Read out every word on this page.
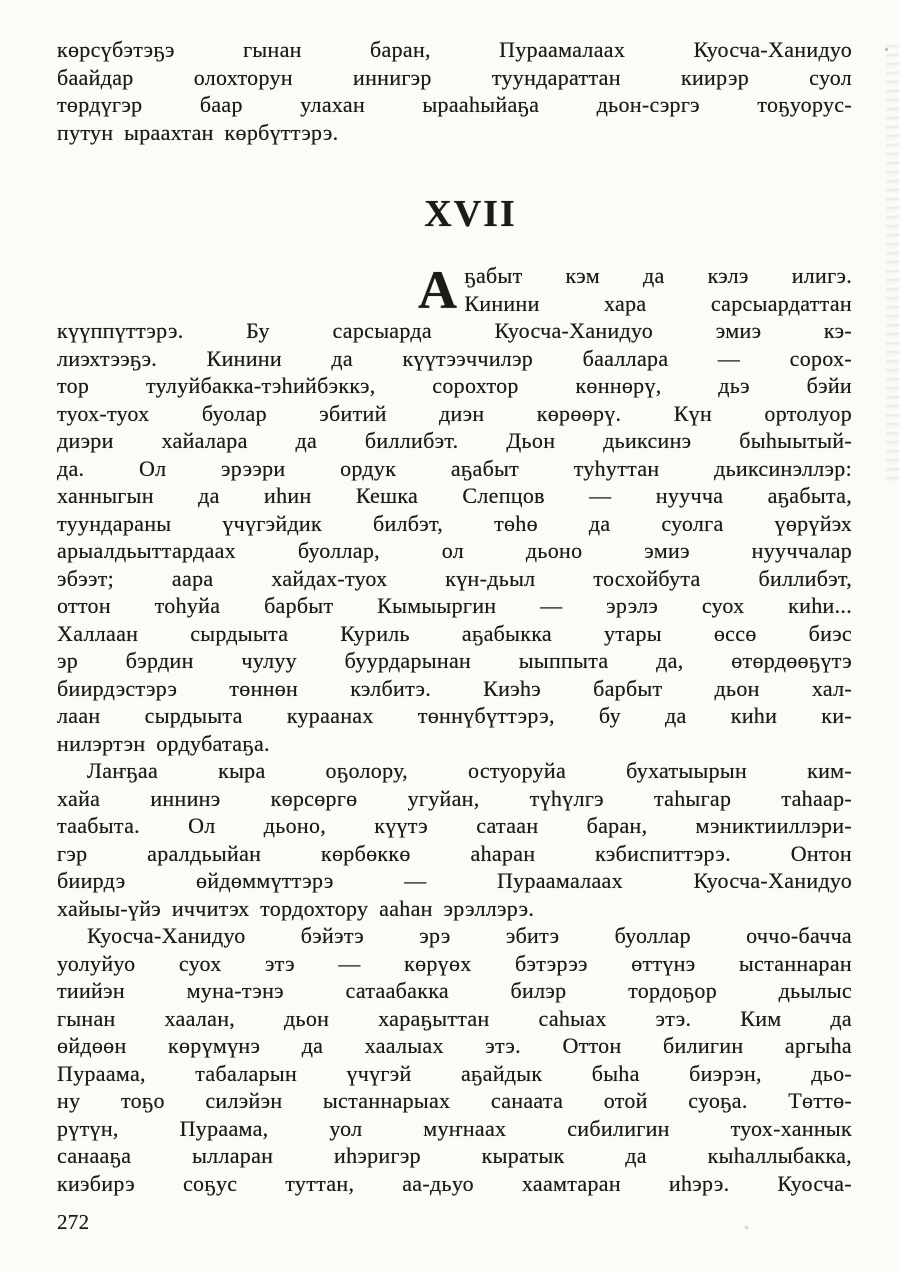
көрсүбэтэҕэ гынан баран, Пураамалаах Куосча-Ханидуо
баайдар олохторун иннигэр туундараттан киирэр суол
төрдүгэр баар улахан ырааһыйаҕа дьон-сэргэ тоҕуорус-
путун ыраахтан көрбүттэрэ.
XVII
А ҕабыт кэм да кэлэ илигэ.
Кинини хара сарсыардаттан
күүппүттэрэ. Бу сарсыарда Куосча-Ханидуо эмиэ кэ-
лиэхтээҕэ. Кинини да күүтээччилэр бааллара — сорох-
тор тулуйбакка-тэһийбэккэ, сорохтор көннөрү, дьэ бэйи
туох-туох буолар эбитий диэн көрөөрү. Күн ортолуор
диэри хайалара да биллибэт. Дьон дьиксинэ быһыытый-
да. Ол эрээри ордук аҕабыт туһуттан дьиксинэллэр:
ханныгын да иһин Кешка Слепцов — нуучча аҕабыта,
туундараны үчүгэйдик билбэт, төһө да суолга үөрүйэх
арыалдьыттардаах буоллар, ол дьоно эмиэ нууччалар
эбээт; аара хайдах-туох күн-дьыл тосхойбута биллибэт,
оттон тоһуйа барбыт Кымыыргин — эрэлэ суох киһи...
Халлаан сырдыыта Куриль аҕабыкка утары өссө биэс
эр бэрдин чулуу буурдарынан ыыппыта да, өтөрдөөҕүтэ
биирдэстэрэ төннөн кэлбитэ. Киэһэ барбыт дьон хал-
лаан сырдыыта кураанах төннүбүттэрэ, бу да киһи ки-
нилэртэн ордубатаҕа.
Лаҥҕаа кыра оҕолору, остуоруйа бухатыырын ким-
хайа иннинэ көрсөргө угуйан, түһүлгэ таһыгар таһаар-
таабыта. Ол дьоно, күүтэ сатаан баран, мэниктииллэри-
гэр аралдьыйан көрбөккө аһаран кэбиспиттэрэ. Онтон
биирдэ өйдөммүттэрэ — Пураамалаах Куосча-Ханидуо
хайыы-үйэ иччитэх тордохтору ааһан эрэллэрэ.
Куосча-Ханидуо бэйэтэ эрэ эбитэ буоллар оччо-бачча
уолуйуо суох этэ — көрүөх бэтэрээ өттүнэ ыстаннаран
тиийэн муна-тэнэ сатаабакка билэр тордоҕор дьылыс
гынан хаалан, дьон хараҕыттан саһыах этэ. Ким да
өйдөөн көрүмүнэ да хаалыах этэ. Оттон билигин аргыһа
Пураама, табаларын үчүгэй аҕайдык быһа биэрэн, дьо-
ну тоҕо силэйэн ыстаннарыах санаата отой суоҕа. Төттө-
рүтүн, Пураама, уол муҥнаах сибилигин туох-ханнык
санааҕа ылларан иһэригэр кыратык да кыһаллыбакка,
киэбирэ соҕус туттан, аа-дьуо хаамтаран иһэрэ. Куосча-
272
